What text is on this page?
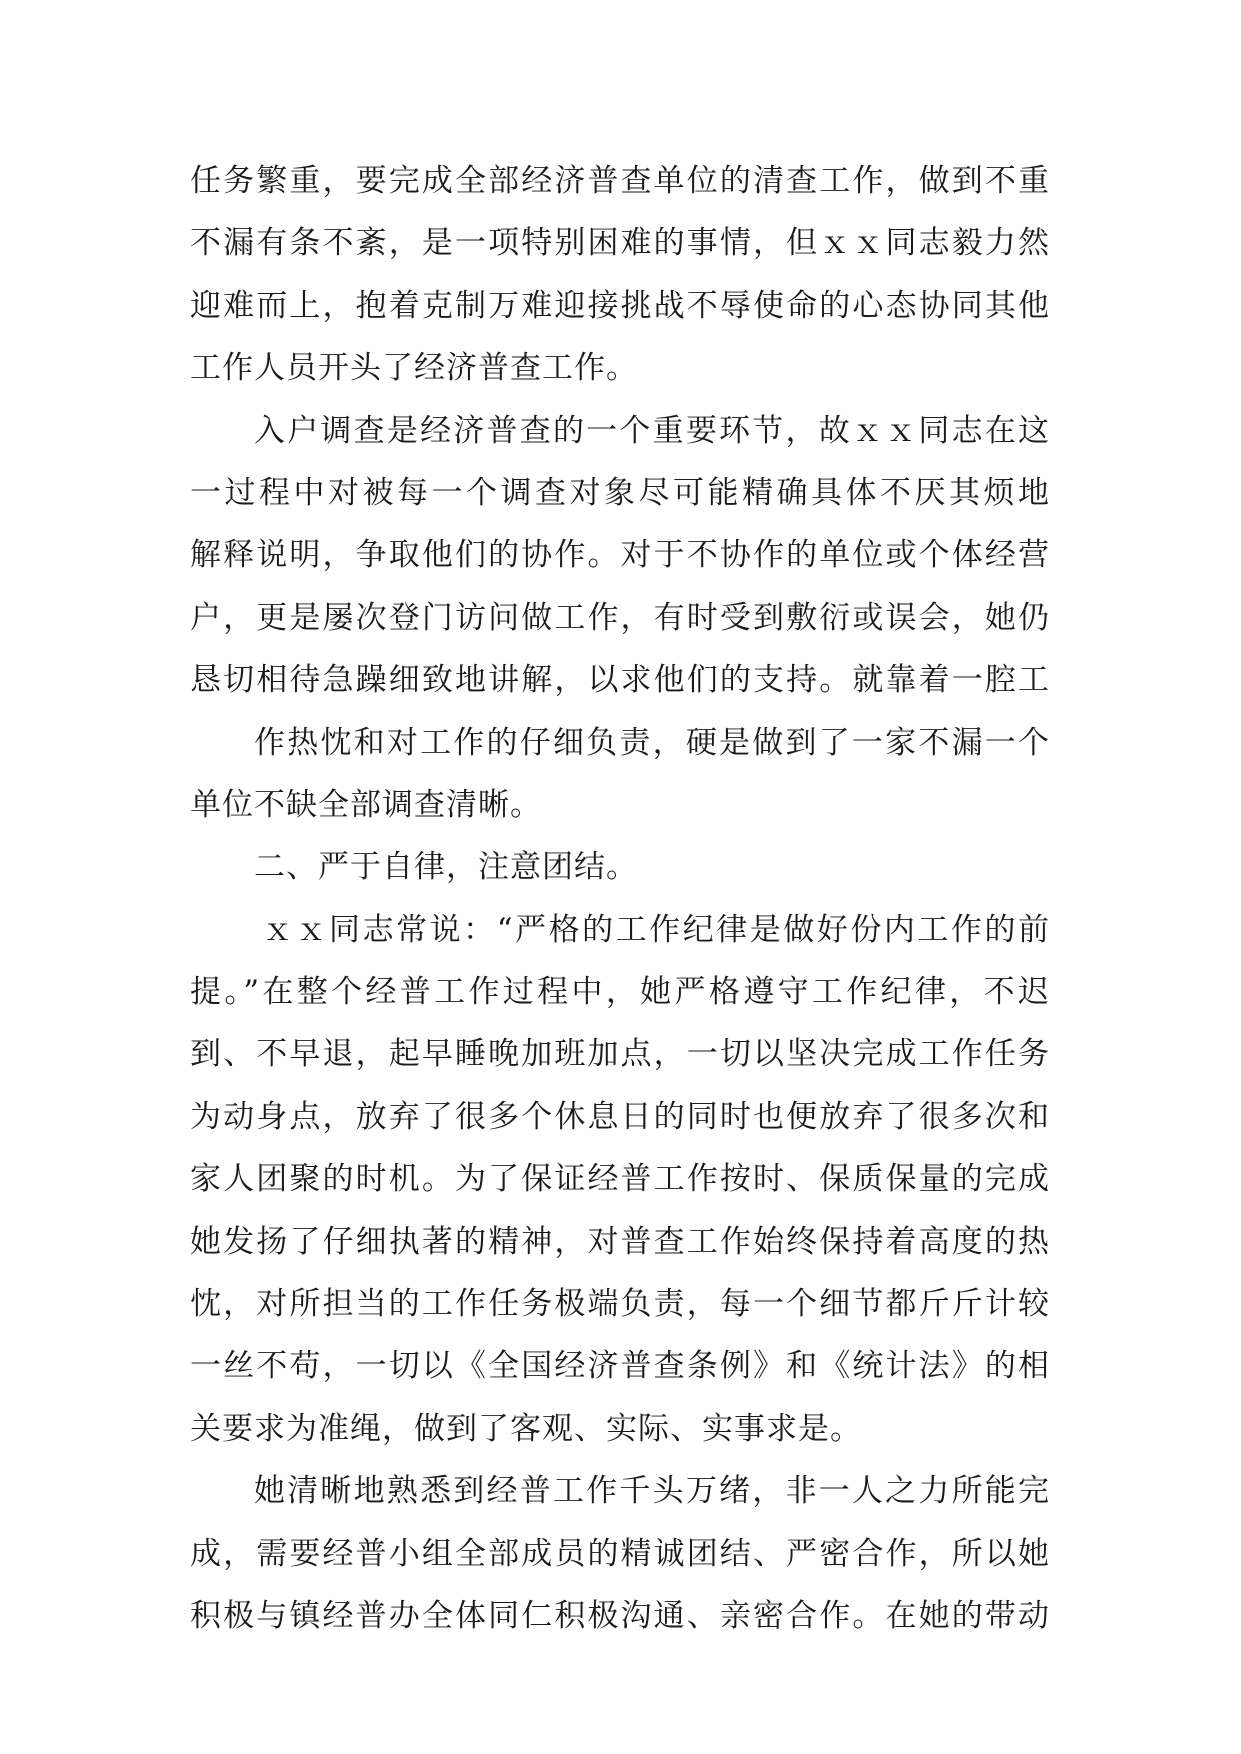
任务繁重，要完成全部经济普查单位的清查工作，做到不重
不漏有条不紊，是一项特别困难的事情，但ｘｘ同志毅力然
迎难而上，抱着克制万难迎接挑战不辱使命的心态协同其他
工作人员开头了经济普查工作。
入户调查是经济普查的一个重要环节，故ｘｘ同志在这
一过程中对被每一个调查对象尽可能精确具体不厌其烦地
解释说明，争取他们的协作。对于不协作的单位或个体经营
户，更是屡次登门访问做工作，有时受到敷衍或误会，她仍
恳切相待急躁细致地讲解，以求他们的支持。就靠着一腔工
作热忱和对工作的仔细负责，硬是做到了一家不漏一个
单位不缺全部调查清晰。
二、严于自律，注意团结。
ｘｘ同志常说：“严格的工作纪律是做好份内工作的前
提。”在整个经普工作过程中，她严格遵守工作纪律，不迟
到、不早退，起早睡晚加班加点，一切以坚决完成工作任务
为动身点，放弃了很多个休息日的同时也便放弃了很多次和
家人团聚的时机。为了保证经普工作按时、保质保量的完成
她发扬了仔细执著的精神，对普查工作始终保持着高度的热
忱，对所担当的工作任务极端负责，每一个细节都斤斤计较
一丝不苟，一切以《全国经济普查条例》和《统计法》的相
关要求为准绳，做到了客观、实际、实事求是。
她清晰地熟悉到经普工作千头万绪，非一人之力所能完
成，需要经普小组全部成员的精诚团结、严密合作，所以她
积极与镇经普办全体同仁积极沟通、亲密合作。在她的带动
